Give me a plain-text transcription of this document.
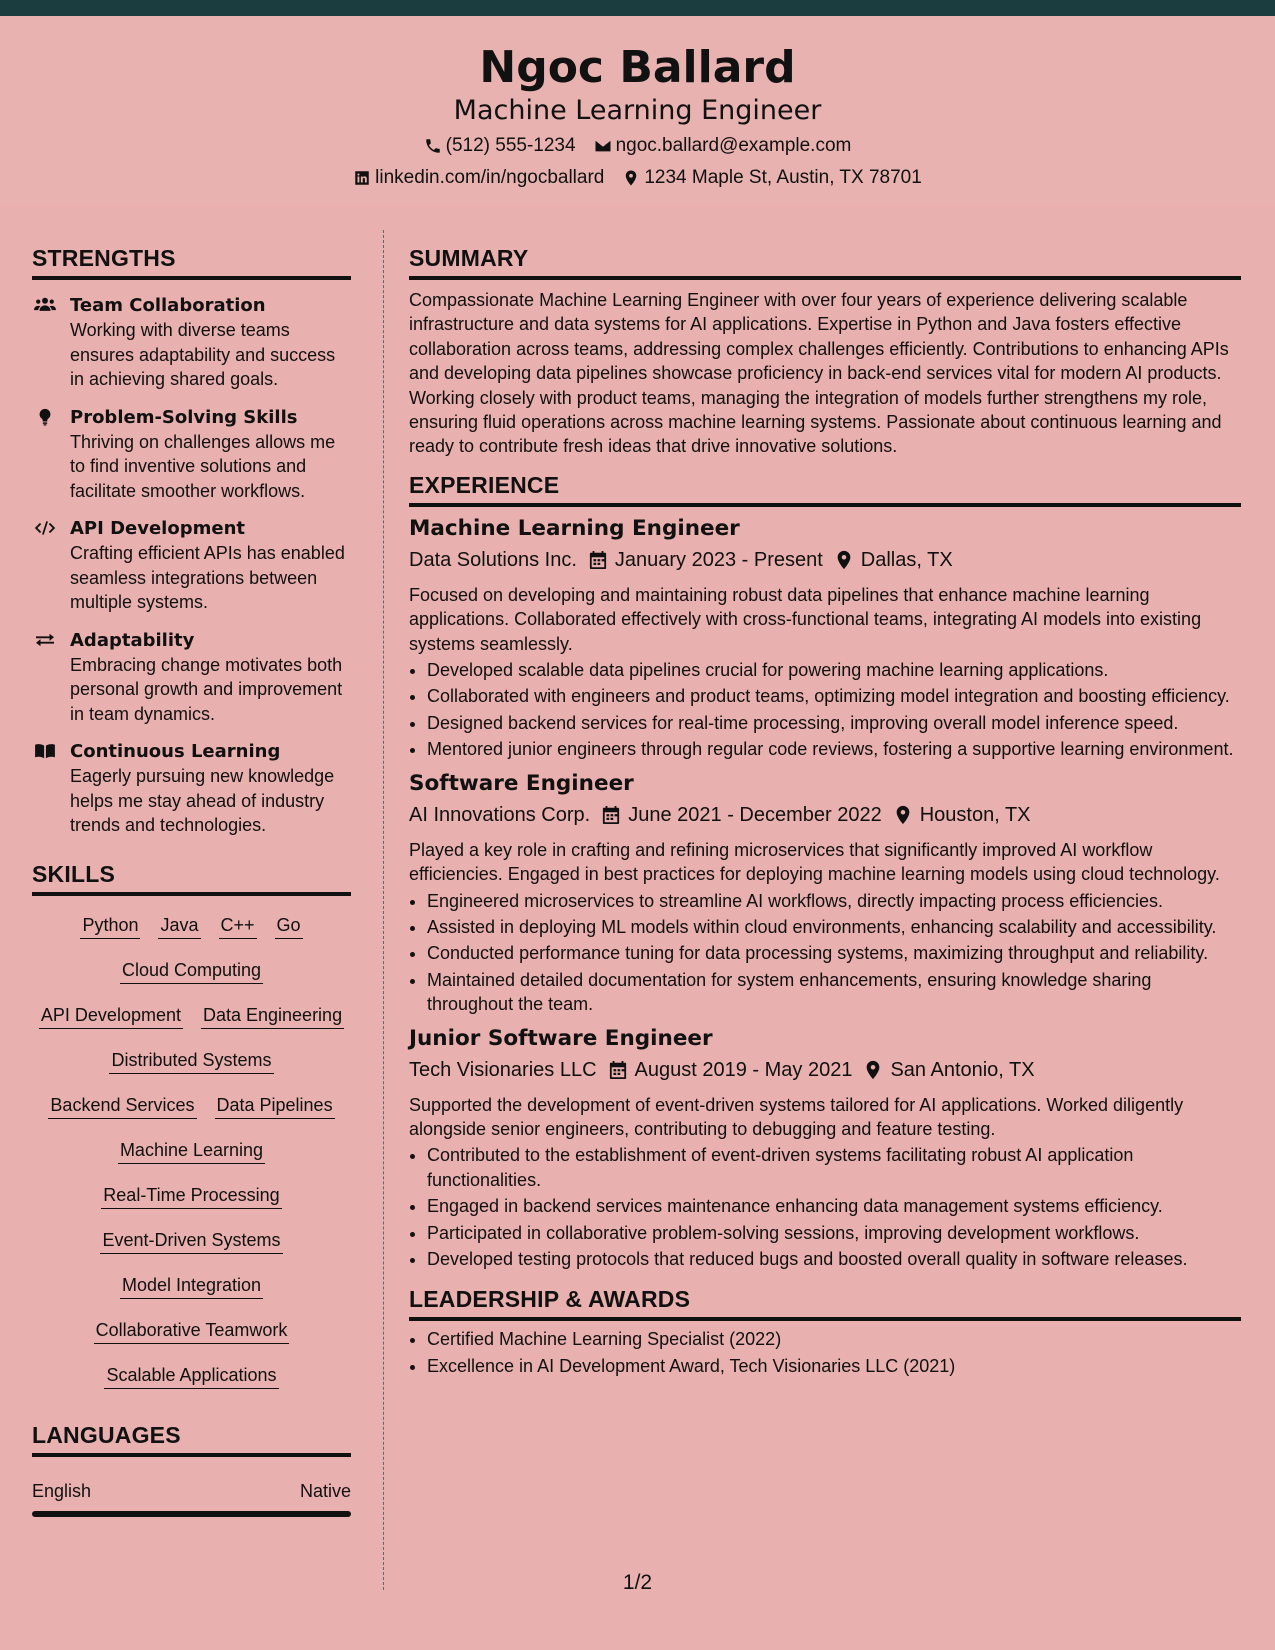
Ngoc Ballard
Machine Learning Engineer
(512) 555-1234 ngoc.ballard@example.com
linkedin.com/in/ngocballard 1234 Maple St, Austin, TX 78701
STRENGTHS
Team Collaboration
Working with diverse teams ensures adaptability and success in achieving shared goals.
Problem-Solving Skills
Thriving on challenges allows me to find inventive solutions and facilitate smoother workflows.
API Development
Crafting efficient APIs has enabled seamless integrations between multiple systems.
Adaptability
Embracing change motivates both personal growth and improvement in team dynamics.
Continuous Learning
Eagerly pursuing new knowledge helps me stay ahead of industry trends and technologies.
SKILLS
Python Java C++ Go
Cloud Computing
API Development Data Engineering
Distributed Systems
Backend Services Data Pipelines
Machine Learning
Real-Time Processing
Event-Driven Systems
Model Integration
Collaborative Teamwork
Scalable Applications
LANGUAGES
English	Native
SUMMARY
Compassionate Machine Learning Engineer with over four years of experience delivering scalable infrastructure and data systems for AI applications. Expertise in Python and Java fosters effective collaboration across teams, addressing complex challenges efficiently. Contributions to enhancing APIs and developing data pipelines showcase proficiency in back-end services vital for modern AI products. Working closely with product teams, managing the integration of models further strengthens my role, ensuring fluid operations across machine learning systems. Passionate about continuous learning and ready to contribute fresh ideas that drive innovative solutions.
EXPERIENCE
Machine Learning Engineer
Data Solutions Inc. January 2023 - Present Dallas, TX
Focused on developing and maintaining robust data pipelines that enhance machine learning applications. Collaborated effectively with cross-functional teams, integrating AI models into existing systems seamlessly.
• Developed scalable data pipelines crucial for powering machine learning applications.
• Collaborated with engineers and product teams, optimizing model integration and boosting efficiency.
• Designed backend services for real-time processing, improving overall model inference speed.
• Mentored junior engineers through regular code reviews, fostering a supportive learning environment.
Software Engineer
AI Innovations Corp. June 2021 - December 2022 Houston, TX
Played a key role in crafting and refining microservices that significantly improved AI workflow efficiencies. Engaged in best practices for deploying machine learning models using cloud technology.
• Engineered microservices to streamline AI workflows, directly impacting process efficiencies.
• Assisted in deploying ML models within cloud environments, enhancing scalability and accessibility.
• Conducted performance tuning for data processing systems, maximizing throughput and reliability.
• Maintained detailed documentation for system enhancements, ensuring knowledge sharing throughout the team.
Junior Software Engineer
Tech Visionaries LLC August 2019 - May 2021 San Antonio, TX
Supported the development of event-driven systems tailored for AI applications. Worked diligently alongside senior engineers, contributing to debugging and feature testing.
• Contributed to the establishment of event-driven systems facilitating robust AI application functionalities.
• Engaged in backend services maintenance enhancing data management systems efficiency.
• Participated in collaborative problem-solving sessions, improving development workflows.
• Developed testing protocols that reduced bugs and boosted overall quality in software releases.
LEADERSHIP & AWARDS
• Certified Machine Learning Specialist (2022)
• Excellence in AI Development Award, Tech Visionaries LLC (2021)
1/2
